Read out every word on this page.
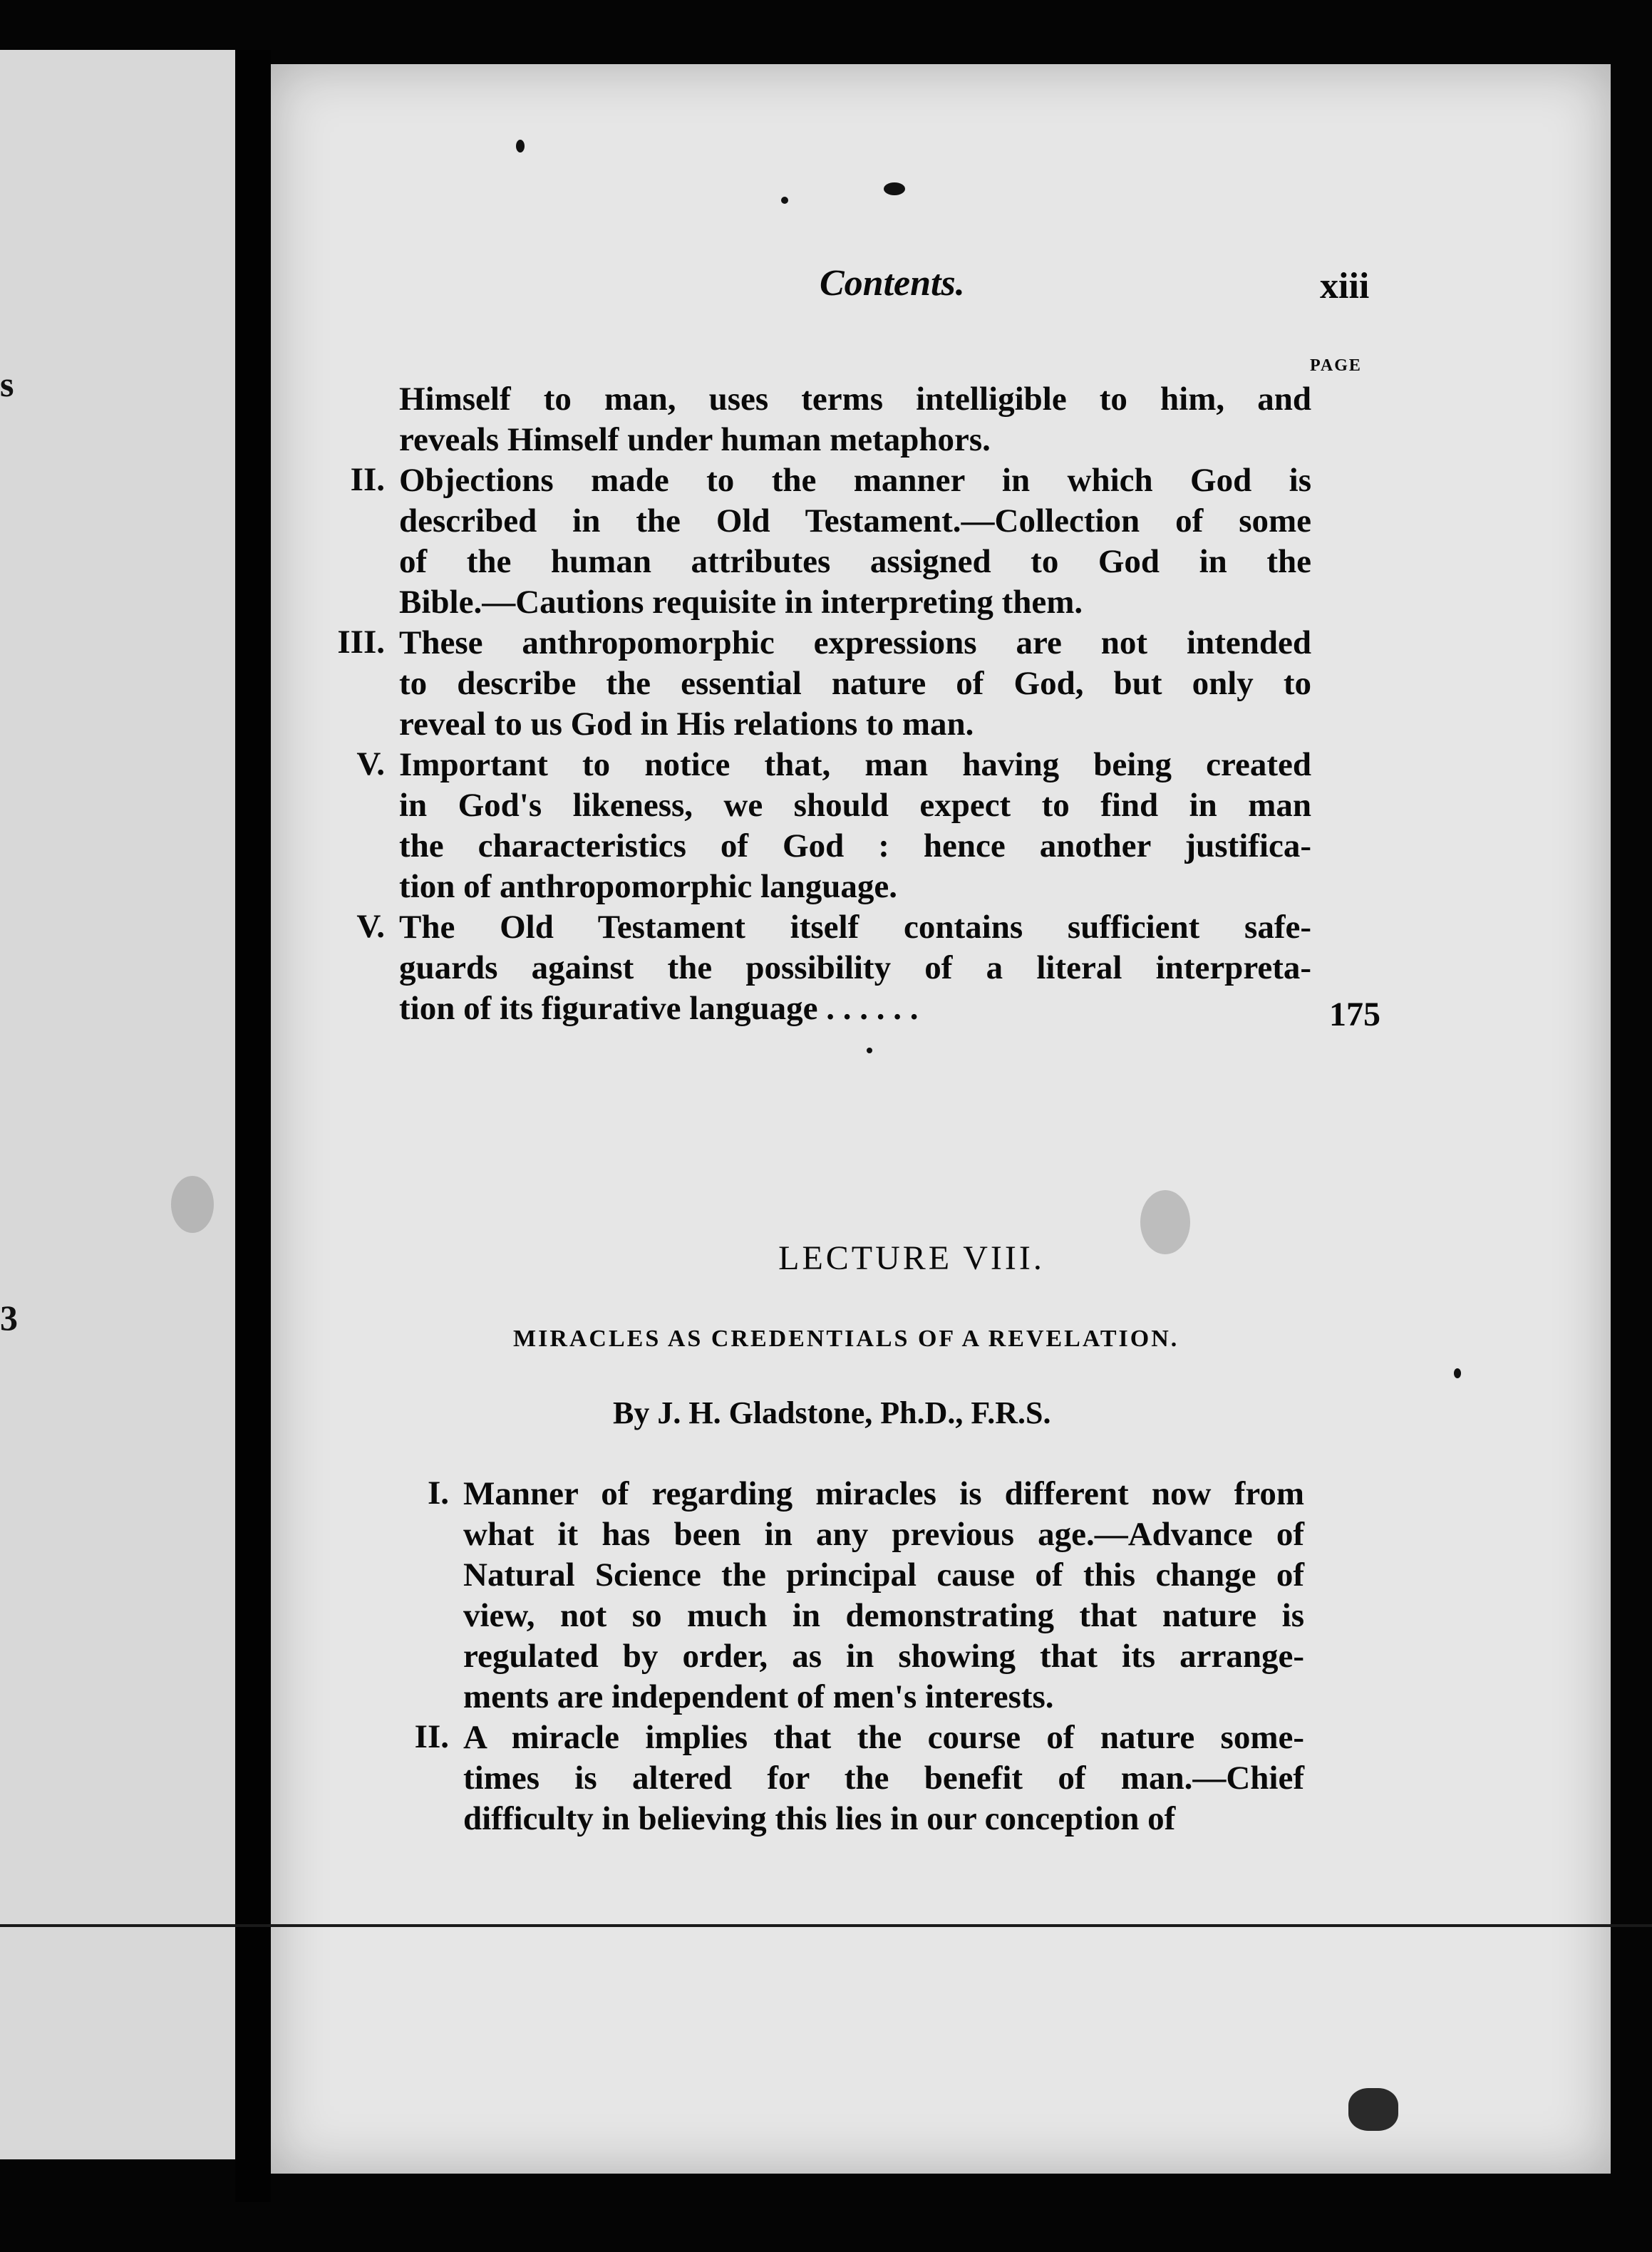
s
3
Contents.	xiii
PAGE
Himself to man, uses terms intelligible to him, and
reveals Himself under human metaphors.
II. Objections made to the manner in which God is
described in the Old Testament.—Collection of some
of the human attributes assigned to God in the
Bible.—Cautions requisite in interpreting them.
III. These anthropomorphic expressions are not intended
to describe the essential nature of God, but only to
reveal to us God in His relations to man.
V. Important to notice that, man having being created
in God's likeness, we should expect to find in man
the characteristics of God : hence another justifica-
tion of anthropomorphic language.
V. The Old Testament itself contains sufficient safe-
guards against the possibility of a literal interpreta-
tion of its figurative language . . . . . .	175
LECTURE VIII.
MIRACLES AS CREDENTIALS OF A REVELATION.
By J. H. Gladstone, Ph.D., F.R.S.
I. Manner of regarding miracles is different now from
what it has been in any previous age.—Advance of
Natural Science the principal cause of this change of
view, not so much in demonstrating that nature is
regulated by order, as in showing that its arrange-
ments are independent of men's interests.
II. A miracle implies that the course of nature some-
times is altered for the benefit of man.—Chief
difficulty in believing this lies in our conception of
